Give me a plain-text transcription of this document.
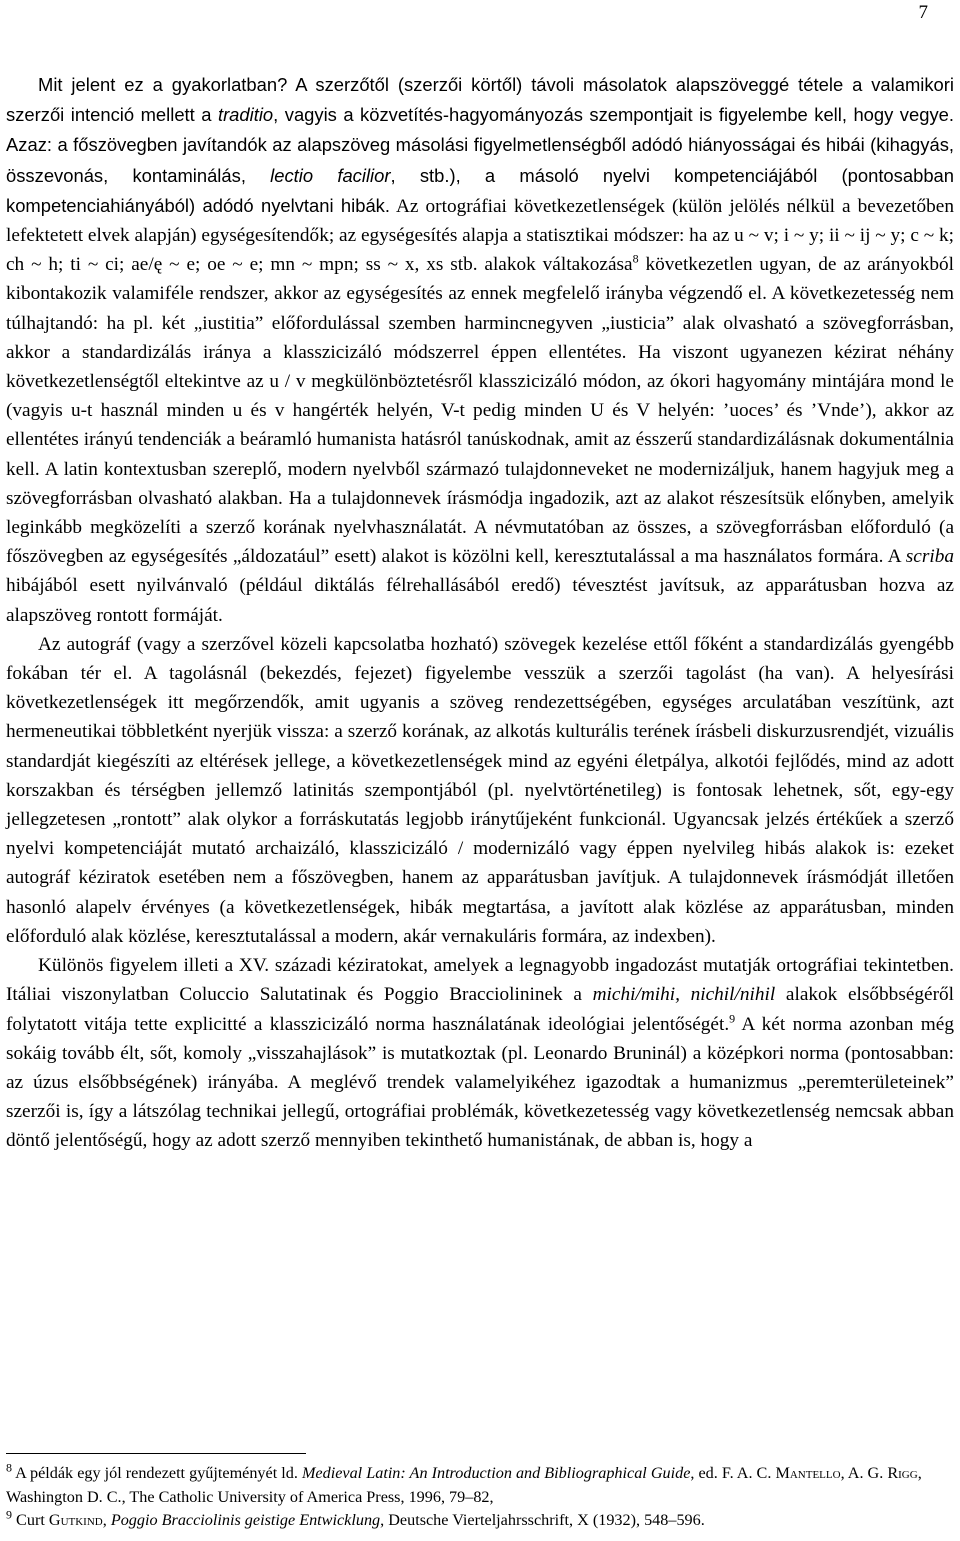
7

Mit jelent ez a gyakorlatban? A szerzőtől (szerzői körtől) távoli másolatok alapszöveggé tétele a valamikori szerzői intenció mellett a traditio, vagyis a közvetítés-hagyományozás szempontjait is figyelembe kell, hogy vegye. Azaz: a főszövegben javítandók az alapszöveg másolási figyelmetlenségből adódó hiányosságai és hibái (kihagyás, összevonás, kontaminálás, lectio facilior, stb.), a másoló nyelvi kompetenciájából (pontosabban kompetenciahiányából) adódó nyelvtani hibák. Az ortográfiai következetlenségek (külön jelölés nélkül a bevezetőben lefektetett elvek alapján) egységesítendők; az egységesítés alapja a statisztikai módszer: ha az u ~ v; i ~ y; ii ~ ij ~ y; c ~ k; ch ~ h; ti ~ ci; ae/ę ~ e; oe ~ e; mn ~ mpn; ss ~ x, xs stb. alakok váltakozása$^8$ következetlen ugyan, de az arányokból kibontakozik valamiféle rendszer, akkor az egységesítés az ennek megfelelő irányba végzendő el. A következetesség nem túlhajtandó: ha pl. két „iustitia” előfordulással szemben harmincnegyven „iusticia” alak olvasható a szövegforrásban, akkor a standardizálás iránya a klasszicizáló módszerrel éppen ellentétes. Ha viszont ugyanezen kézirat néhány következetlenségtől eltekintve az u / v megkülönböztetésről klasszicizáló módon, az ókori hagyomány mintájára mond le (vagyis u-t használ minden u és v hangérték helyén, V-t pedig minden U és V helyén: ’uoces’ és ’Vnde’), akkor az ellentétes irányú tendenciák a beáramló humanista hatásról tanúskodnak, amit az ésszerű standardizálásnak dokumentálnia kell. A latin kontextusban szereplő, modern nyelvből származó tulajdonneveket ne modernizáljuk, hanem hagyjuk meg a szövegforrásban olvasható alakban. Ha a tulajdonnevek írásmódja ingadozik, azt az alakot részesítsük előnyben, amelyik leginkább megközelíti a szerző korának nyelvhasználatát. A névmutatóban az összes, a szövegforrásban előforduló (a főszövegben az egységesítés „áldozatául” esett) alakot is közölni kell, keresztutalással a ma használatos formára. A scriba hibájából esett nyilvánvaló (például diktálás félrehallásából eredő) tévesztést javítsuk, az apparátusban hozva az alapszöveg rontott formáját.

Az autográf (vagy a szerzővel közeli kapcsolatba hozható) szövegek kezelése ettől főként a standardizálás gyengébb fokában tér el. A tagolásnál (bekezdés, fejezet) figyelembe vesszük a szerzői tagolást (ha van). A helyesírási következetlenségek itt megőrzendők, amit ugyanis a szöveg rendezettségében, egységes arculatában veszítünk, azt hermeneutikai többletként nyerjük vissza: a szerző korának, az alkotás kulturális terének írásbeli diskurzusrendjét, vizuális standardját kiegészíti az eltérések jellege, a következetlenségek mind az egyéni életpálya, alkotói fejlődés, mind az adott korszakban és térségben jellemző latinitás szempontjából (pl. nyelvtörténetileg) is fontosak lehetnek, sőt, egy-egy jellegzetesen „rontott” alak olykor a forráskutatás legjobb iránytűjeként funkcionál. Ugyancsak jelzés értékűek a szerző nyelvi kompetenciáját mutató archaizáló, klasszicizáló / modernizáló vagy éppen nyelvileg hibás alakok is: ezeket autográf kéziratok esetében nem a főszövegben, hanem az apparátusban javítjuk. A tulajdonnevek írásmódját illetően hasonló alapelv érvényes (a következetlenségek, hibák megtartása, a javított alak közlése az apparátusban, minden előforduló alak közlése, keresztutalással a modern, akár vernakuláris formára, az indexben).

Különös figyelem illeti a XV. századi kéziratokat, amelyek a legnagyobb ingadozást mutatják ortográfiai tekintetben. Itáliai viszonylatban Coluccio Salutatinak és Poggio Bracciolininek a michi/mihi, nichil/nihil alakok elsőbbségéről folytatott vitája tette explicitté a klasszicizáló norma használatának ideológiai jelentőségét.$^9$ A két norma azonban még sokáig tovább élt, sőt, komoly „visszahajlások” is mutatkoztak (pl. Leonardo Bruninál) a középkori norma (pontosabban: az úzus elsőbbségének) irányába. A meglévő trendek valamelyikéhez igazodtak a humanizmus „peremterületeinek” szerzői is, így a látszólag technikai jellegű, ortográfiai problémák, következetesség vagy következetlenség nemcsak abban döntő jelentőségű, hogy az adott szerző mennyiben tekinthető humanistának, de abban is, hogy a

$^8$ A példák egy jól rendezett gyűjteményét ld. Medieval Latin: An Introduction and Bibliographical Guide, ed. F. A. C. Mantello, A. G. Rigg, Washington D. C., The Catholic University of America Press, 1996, 79–82,

$^9$ Curt Gutkind, Poggio Bracciolinis geistige Entwicklung, Deutsche Vierteljahrsschrift, X (1932), 548–596.
